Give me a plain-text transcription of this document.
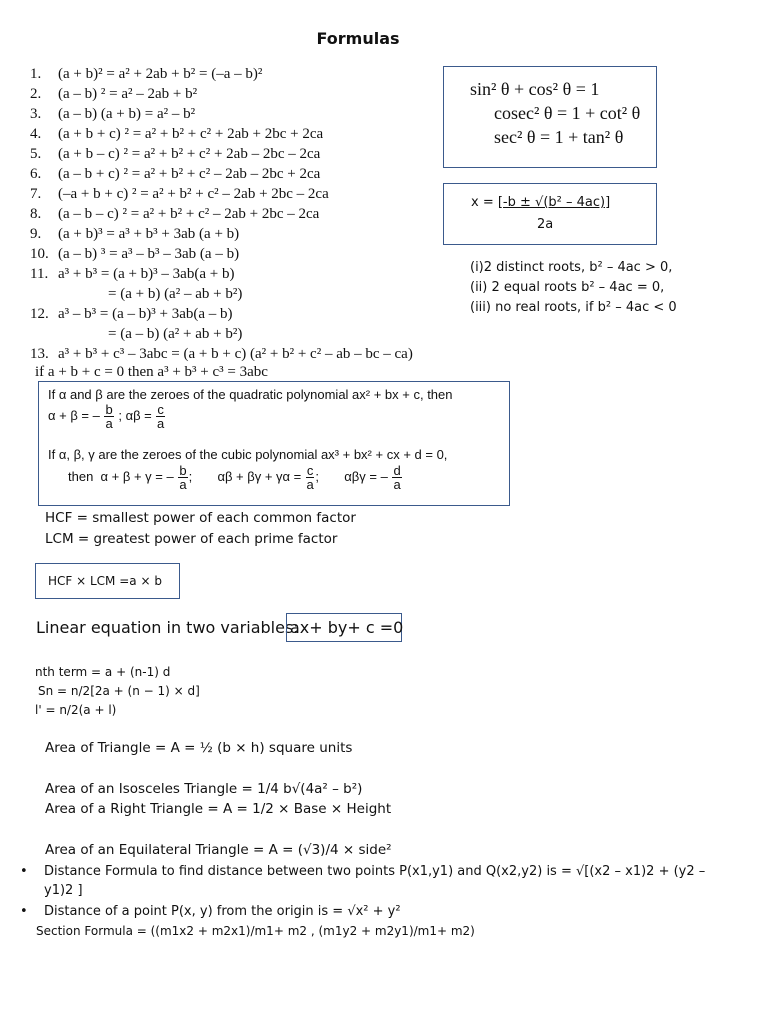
Formulas
1.	(a + b)² = a² + 2ab + b² = (–a – b)²
2.	(a – b) ² = a² – 2ab + b²
3.	(a – b) (a + b) = a² – b²
4.	(a + b + c) ² = a² + b² + c² + 2ab + 2bc + 2ca
5.	(a + b – c) ² = a² + b² + c² + 2ab – 2bc – 2ca
6.	(a – b + c) ² = a² + b² + c² – 2ab – 2bc + 2ca
7.	(–a + b + c) ² = a² + b² + c² – 2ab + 2bc – 2ca
8.	(a – b – c) ² = a² + b² + c² – 2ab + 2bc – 2ca
9.	(a + b)³ = a³ + b³ + 3ab (a + b)
10. (a – b) ³ = a³ – b³ – 3ab (a – b)
11. a³ + b³ = (a + b)³ – 3ab(a + b)
= (a + b) (a² – ab + b²)
12. a³ – b³ = (a – b)³ + 3ab(a – b)
= (a – b) (a² + ab + b²)
13. a³ + b³ + c³ – 3abc = (a + b + c) (a² + b² + c² – ab – bc – ca)
if a + b + c = 0 then a³ + b³ + c³ = 3abc
sin² θ + cos² θ = 1
cosec² θ = 1 + cot² θ
sec² θ = 1 + tan² θ
x = [-b ± √(b² – 4ac)]
2a
(i)2 distinct roots, b² – 4ac > 0,
(ii) 2 equal roots b² – 4ac = 0,
(iii) no real roots, if b² – 4ac < 0
If α and β are the zeroes of the quadratic polynomial ax² + bx + c, then
α + β = – $\frac{b}{a}$ ; $\alpha\beta = \frac{c}{a}$
If α, β, γ are the zeroes of the cubic polynomial ax³ + bx² + cx + d = 0,
then α + β + γ = – $\frac{b}{a}$ ; $\alpha\beta + \beta\gamma + \gamma\alpha = \frac{c}{a}$ ; αβγ = – $\frac{d}{a}$
HCF = smallest power of each common factor
LCM = greatest power of each prime factor
HCF × LCM =a × b
Linear equation in two variables:
ax+ by+ c =0
nth term = a + (n-1) d
Sn = n/2[2a + (n − 1) × d]
l' = n/2(a + l)
Area of Triangle = A = ½ (b × h) square units
Area of an Isosceles Triangle = 1/4 b√(4a² – b²)
Area of a Right Triangle = A = 1/2 × Base × Height
Area of an Equilateral Triangle = A = (√3)/4 × side²
• Distance Formula to find distance between two points P(x1,y1) and Q(x2,y2) is = √[(x2 – x1)2 + (y2 – y1)2 ]
• Distance of a point P(x, y) from the origin is = √x² + y²
Section Formula = ((m1x2 + m2x1)/m1+ m2 , (m1y2 + m2y1)/m1+ m2)
